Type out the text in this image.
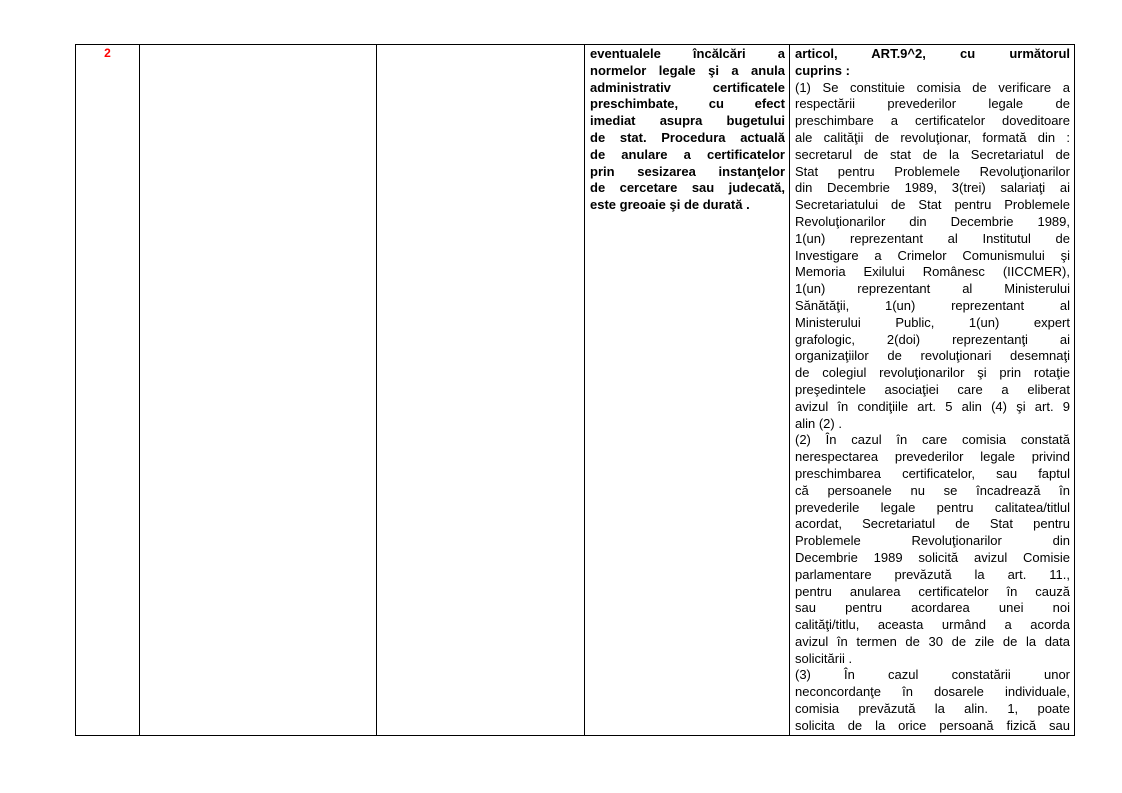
2			eventualele încălcări a
normelor legale şi a anula
administrativ certificatele
preschimbate, cu efect
imediat asupra bugetului
de stat. Procedura actuală
de anulare a certificatelor
prin sesizarea instanţelor
de cercetare sau judecată,
este greoaie şi de durată .

articol, ART.9^2, cu următorul
cuprins :
(1) Se constituie comisia de verificare a
respectării prevederilor legale de
preschimbare a certificatelor doveditoare
ale calităţii de revoluţionar, formată din :
secretarul de stat de la Secretariatul de
Stat pentru Problemele Revoluţionarilor
din Decembrie 1989, 3(trei) salariaţi ai
Secretariatului de Stat pentru Problemele
Revoluţionarilor din Decembrie 1989,
1(un) reprezentant al Institutul de
Investigare a Crimelor Comunismului şi
Memoria Exilului Românesc (IICCMER),
1(un) reprezentant al Ministerului
Sănătăţii, 1(un) reprezentant al
Ministerului Public, 1(un) expert
grafologic, 2(doi) reprezentanţi ai
organizaţiilor de revoluţionari desemnaţi
de colegiul revoluţionarilor şi prin rotaţie
preşedintele asociaţiei care a eliberat
avizul în condiţiile art. 5 alin (4) şi art. 9
alin (2) .
(2) În cazul în care comisia constată
nerespectarea prevederilor legale privind
preschimbarea certificatelor, sau faptul
că persoanele nu se încadrează în
prevederile legale pentru calitatea/titlul
acordat, Secretariatul de Stat pentru
Problemele Revoluţionarilor din
Decembrie 1989 solicită avizul Comisie
parlamentare prevăzută la art. 11.,
pentru anularea certificatelor în cauză
sau pentru acordarea unei noi
calităţi/titlu, aceasta urmând a acorda
avizul în termen de 30 de zile de la data
solicitării .
(3) În cazul constatării unor
neconcordanţe în dosarele individuale,
comisia prevăzută la alin. 1, poate
solicita de la orice persoană fizică sau
